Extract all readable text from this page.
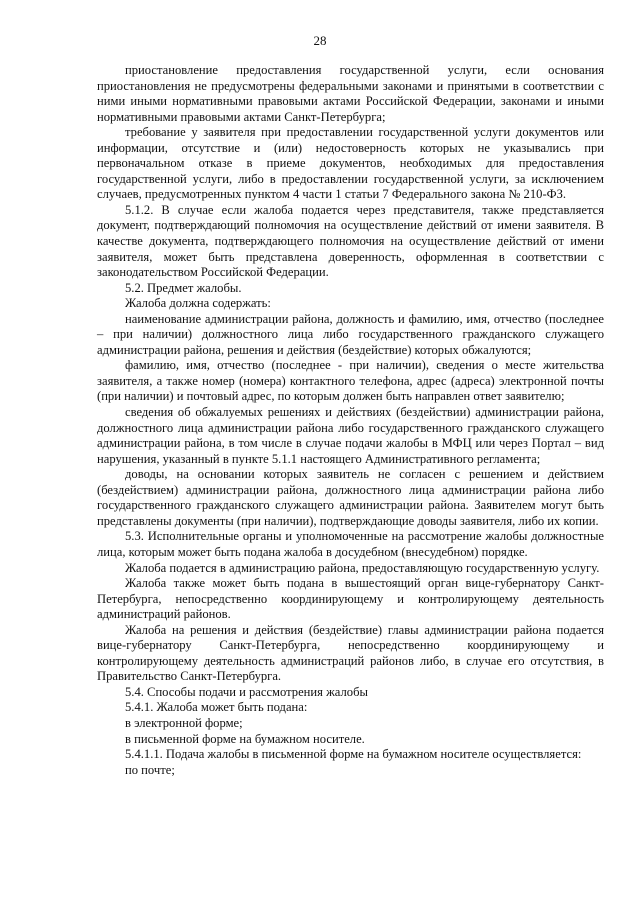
28

приостановление предоставления государственной услуги, если основания приостановления не предусмотрены федеральными законами и принятыми в соответствии с ними иными нормативными правовыми актами Российской Федерации, законами и иными нормативными правовыми актами Санкт-Петербурга;

требование у заявителя при предоставлении государственной услуги документов или информации, отсутствие и (или) недостоверность которых не указывались при первоначальном отказе в приеме документов, необходимых для предоставления государственной услуги, либо в предоставлении государственной услуги, за исключением случаев, предусмотренных пунктом 4 части 1 статьи 7 Федерального закона № 210-ФЗ.

5.1.2. В случае если жалоба подается через представителя, также представляется документ, подтверждающий полномочия на осуществление действий от имени заявителя. В качестве документа, подтверждающего полномочия на осуществление действий от имени заявителя, может быть представлена доверенность, оформленная в соответствии с законодательством Российской Федерации.

5.2. Предмет жалобы.

Жалоба должна содержать:

наименование администрации района, должность и фамилию, имя, отчество (последнее – при наличии) должностного лица либо государственного гражданского служащего администрации района, решения и действия (бездействие) которых обжалуются;

фамилию, имя, отчество (последнее - при наличии), сведения о месте жительства заявителя, а также номер (номера) контактного телефона, адрес (адреса) электронной почты (при наличии) и почтовый адрес, по которым должен быть направлен ответ заявителю;

сведения об обжалуемых решениях и действиях (бездействии) администрации района, должностного лица администрации района либо государственного гражданского служащего администрации района, в том числе в случае подачи жалобы в МФЦ или через Портал – вид нарушения, указанный в пункте 5.1.1 настоящего Административного регламента;

доводы, на основании которых заявитель не согласен с решением и действием (бездействием) администрации района, должностного лица администрации района либо государственного гражданского служащего администрации района. Заявителем могут быть представлены документы (при наличии), подтверждающие доводы заявителя, либо их копии.

5.3. Исполнительные органы и уполномоченные на рассмотрение жалобы должностные лица, которым может быть подана жалоба в досудебном (внесудебном) порядке.

Жалоба подается в администрацию района, предоставляющую государственную услугу.

Жалоба также может быть подана в вышестоящий орган вице-губернатору Санкт-Петербурга, непосредственно координирующему и контролирующему деятельность администраций районов.

Жалоба на решения и действия (бездействие) главы администрации района подается вице-губернатору Санкт-Петербурга, непосредственно координирующему и контролирующему деятельность администраций районов либо, в случае его отсутствия, в Правительство Санкт-Петербурга.

5.4. Способы подачи и рассмотрения жалобы

5.4.1. Жалоба может быть подана:

в электронной форме;

в письменной форме на бумажном носителе.

5.4.1.1. Подача жалобы в письменной форме на бумажном носителе осуществляется:

по почте;
